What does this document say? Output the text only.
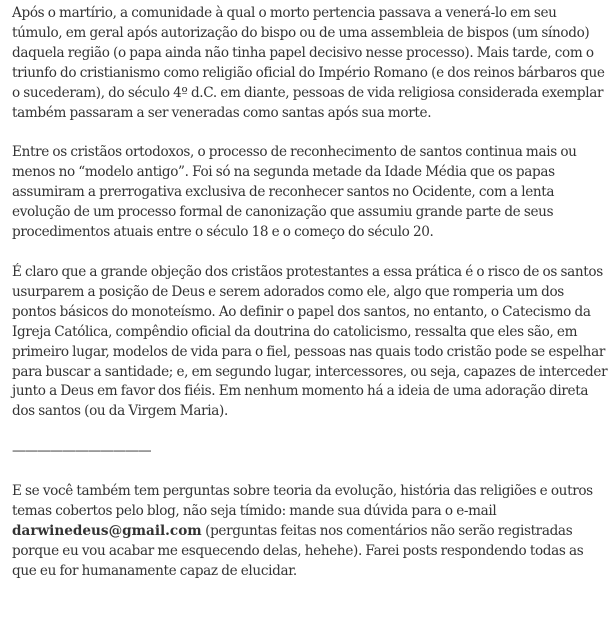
Após o martírio, a comunidade à qual o morto pertencia passava a venerá-lo em seu túmulo, em geral após autorização do bispo ou de uma assembleia de bispos (um sínodo) daquela região (o papa ainda não tinha papel decisivo nesse processo). Mais tarde, com o triunfo do cristianismo como religião oficial do Império Romano (e dos reinos bárbaros que o sucederam), do século 4º d.C. em diante, pessoas de vida religiosa considerada exemplar também passaram a ser veneradas como santas após sua morte.

Entre os cristãos ortodoxos, o processo de reconhecimento de santos continua mais ou menos no “modelo antigo”. Foi só na segunda metade da Idade Média que os papas assumiram a prerrogativa exclusiva de reconhecer santos no Ocidente, com a lenta evolução de um processo formal de canonização que assumiu grande parte de seus procedimentos atuais entre o século 18 e o começo do século 20.

É claro que a grande objeção dos cristãos protestantes a essa prática é o risco de os santos usurparem a posição de Deus e serem adorados como ele, algo que romperia um dos pontos básicos do monoteísmo. Ao definir o papel dos santos, no entanto, o Catecismo da Igreja Católica, compêndio oficial da doutrina do catolicismo, ressalta que eles são, em primeiro lugar, modelos de vida para o fiel, pessoas nas quais todo cristão pode se espelhar para buscar a santidade; e, em segundo lugar, intercessores, ou seja, capazes de interceder junto a Deus em favor dos fiéis. Em nenhum momento há a ideia de uma adoração direta dos santos (ou da Virgem Maria).

———————————

E se você também tem perguntas sobre teoria da evolução, história das religiões e outros temas cobertos pelo blog, não seja tímido: mande sua dúvida para o e-mail darwinedeus@gmail.com (perguntas feitas nos comentários não serão registradas porque eu vou acabar me esquecendo delas, hehehe). Farei posts respondendo todas as que eu for humanamente capaz de elucidar.
